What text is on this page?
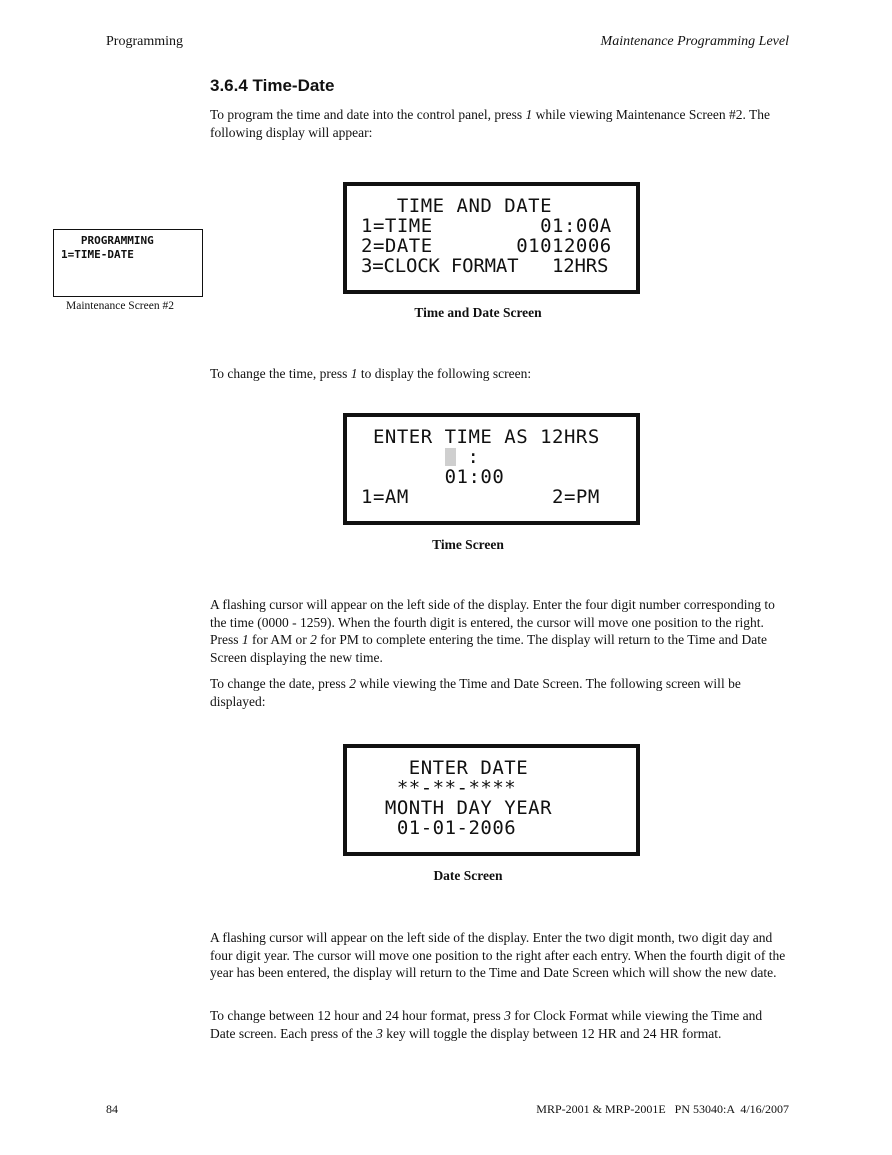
Programming	Maintenance Programming Level
3.6.4 Time-Date
To program the time and date into the control panel, press 1 while viewing Maintenance Screen #2. The following display will appear:
PROGRAMMING
1=TIME-DATE
Maintenance Screen #2
TIME AND DATE
1=TIME         01:00A
2=DATE       01012006
3=CLOCK FORMAT   12HRS
Time and Date Screen
To change the time, press 1 to display the following screen:
ENTER TIME AS 12HRS
:
01:00
1=AM            2=PM
Time Screen
A flashing cursor will appear on the left side of the display. Enter the four digit number corresponding to the time (0000 - 1259). When the fourth digit is entered, the cursor will move one position to the right. Press 1 for AM or 2 for PM to complete entering the time. The display will return to the Time and Date Screen displaying the new time.
To change the date, press 2 while viewing the Time and Date Screen. The following screen will be displayed:
ENTER DATE
**-**-****
MONTH DAY YEAR
01-01-2006
Date Screen
A flashing cursor will appear on the left side of the display. Enter the two digit month, two digit day and four digit year. The cursor will move one position to the right after each entry. When the fourth digit of the year has been entered, the display will return to the Time and Date Screen which will show the new date.
To change between 12 hour and 24 hour format, press 3 for Clock Format while viewing the Time and Date screen. Each press of the 3 key will toggle the display between 12 HR and 24 HR format.
84	MRP-2001 & MRP-2001E   PN 53040:A  4/16/2007
